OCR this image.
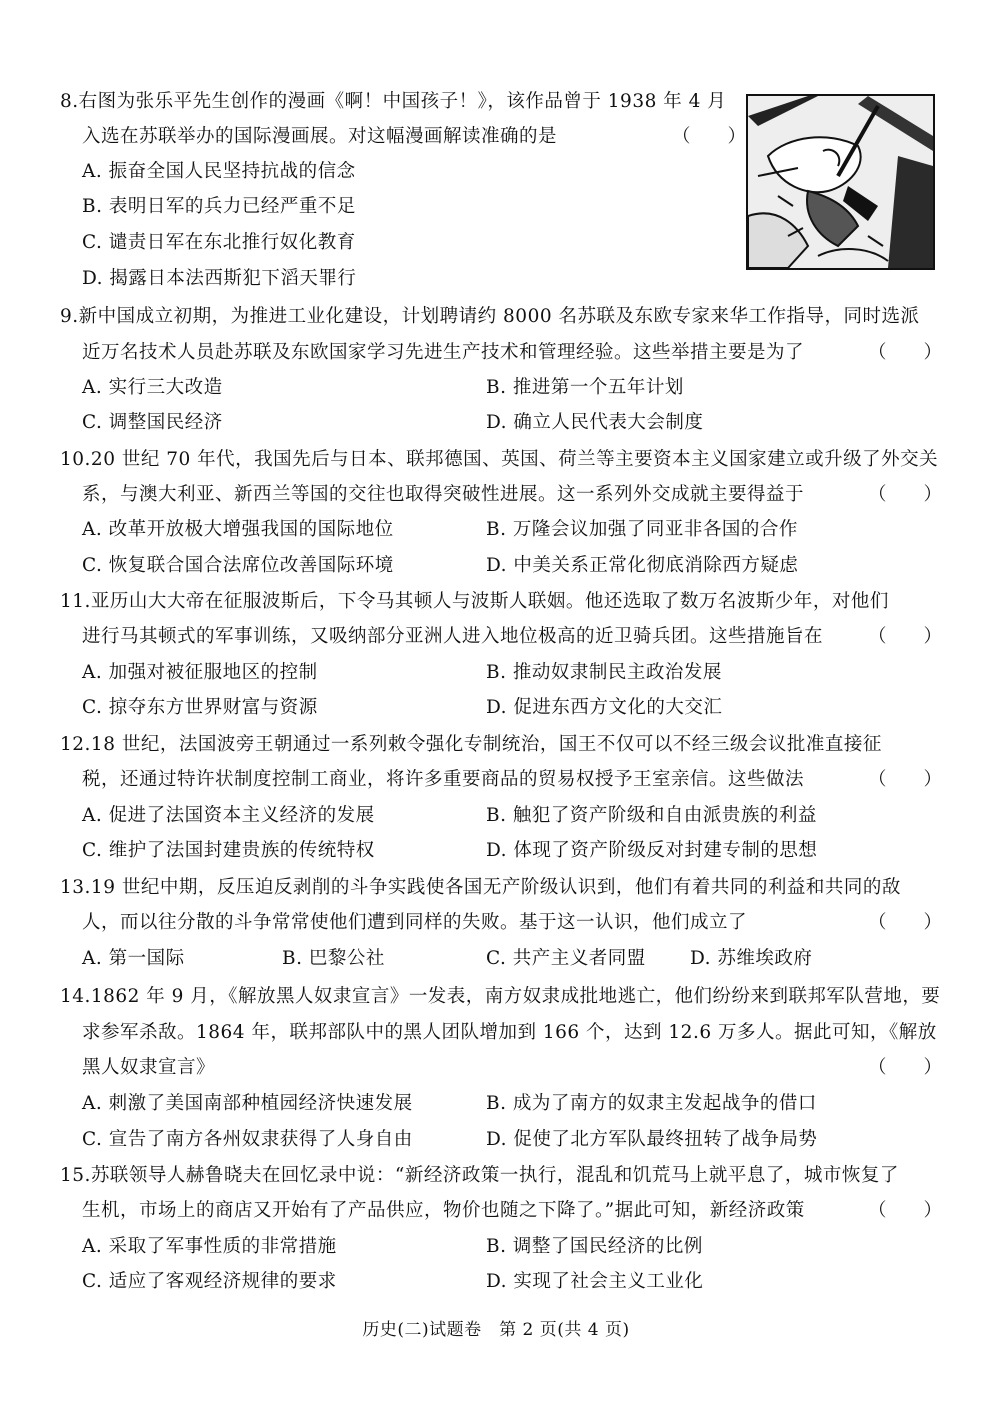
8.右图为张乐平先生创作的漫画《啊！中国孩子！》，该作品曾于 1938 年 4 月
入选在苏联举办的国际漫画展。对这幅漫画解读准确的是	（　　）
A. 振奋全国人民坚持抗战的信念
B. 表明日军的兵力已经严重不足
C. 谴责日军在东北推行奴化教育
D. 揭露日本法西斯犯下滔天罪行
9.新中国成立初期，为推进工业化建设，计划聘请约 8000 名苏联及东欧专家来华工作指导，同时选派
近万名技术人员赴苏联及东欧国家学习先进生产技术和管理经验。这些举措主要是为了	（　　）
A. 实行三大改造	B. 推进第一个五年计划
C. 调整国民经济	D. 确立人民代表大会制度
10.20 世纪 70 年代，我国先后与日本、联邦德国、英国、荷兰等主要资本主义国家建立或升级了外交关
系，与澳大利亚、新西兰等国的交往也取得突破性进展。这一系列外交成就主要得益于	（　　）
A. 改革开放极大增强我国的国际地位	B. 万隆会议加强了同亚非各国的合作
C. 恢复联合国合法席位改善国际环境	D. 中美关系正常化彻底消除西方疑虑
11.亚历山大大帝在征服波斯后，下令马其顿人与波斯人联姻。他还选取了数万名波斯少年，对他们
进行马其顿式的军事训练，又吸纳部分亚洲人进入地位极高的近卫骑兵团。这些措施旨在 （　　）
A. 加强对被征服地区的控制	B. 推动奴隶制民主政治发展
C. 掠夺东方世界财富与资源	D. 促进东西方文化的大交汇
12.18 世纪，法国波旁王朝通过一系列敕令强化专制统治，国王不仅可以不经三级会议批准直接征
税，还通过特许状制度控制工商业，将许多重要商品的贸易权授予王室亲信。这些做法	（　　）
A. 促进了法国资本主义经济的发展	B. 触犯了资产阶级和自由派贵族的利益
C. 维护了法国封建贵族的传统特权	D. 体现了资产阶级反对封建专制的思想
13.19 世纪中期，反压迫反剥削的斗争实践使各国无产阶级认识到，他们有着共同的利益和共同的敌
人，而以往分散的斗争常常使他们遭到同样的失败。基于这一认识，他们成立了	（　　）
A. 第一国际	B. 巴黎公社	C. 共产主义者同盟 D. 苏维埃政府
14.1862 年 9 月，《解放黑人奴隶宣言》一发表，南方奴隶成批地逃亡，他们纷纷来到联邦军队营地，要
求参军杀敌。1864 年，联邦部队中的黑人团队增加到 166 个，达到 12.6 万多人。据此可知，《解放
黑人奴隶宣言》	（　　）
A. 刺激了美国南部种植园经济快速发展	B. 成为了南方的奴隶主发起战争的借口
C. 宣告了南方各州奴隶获得了人身自由	D. 促使了北方军队最终扭转了战争局势
15.苏联领导人赫鲁晓夫在回忆录中说：“新经济政策一执行，混乱和饥荒马上就平息了，城市恢复了
生机，市场上的商店又开始有了产品供应，物价也随之下降了。”据此可知，新经济政策	（　　）
A. 采取了军事性质的非常措施	B. 调整了国民经济的比例
C. 适应了客观经济规律的要求	D. 实现了社会主义工业化
历史(二)试题卷　第 2 页(共 4 页)
